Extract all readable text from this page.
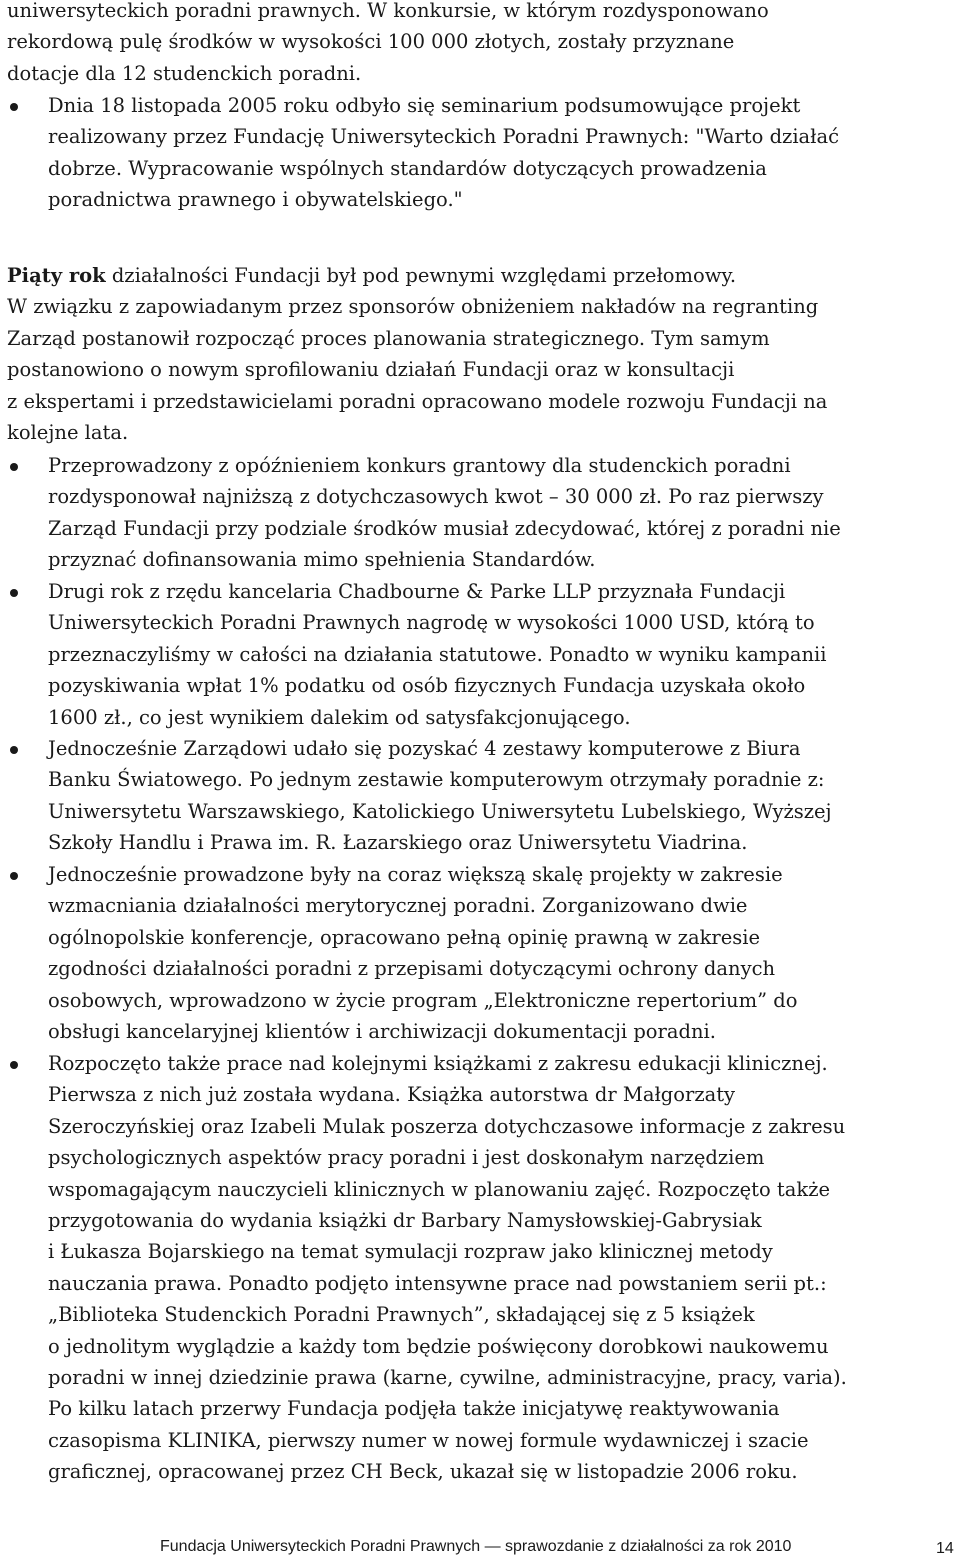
uniwersyteckich poradni prawnych. W konkursie, w którym rozdysponowano
rekordową pulę środków w wysokości 100 000 złotych, zostały przyznane
dotacje dla 12 studenckich poradni.
Dnia 18 listopada 2005 roku odbyło się seminarium podsumowujące projekt
realizowany przez Fundację Uniwersyteckich Poradni Prawnych: "Warto działać
dobrze. Wypracowanie wspólnych standardów dotyczących prowadzenia
poradnictwa prawnego i obywatelskiego."
Piąty rok działalności Fundacji był pod pewnymi względami przełomowy.
W związku z zapowiadanym przez sponsorów obniżeniem nakładów na regranting
Zarząd postanowił rozpocząć proces planowania strategicznego. Tym samym
postanowiono o nowym sprofilowaniu działań Fundacji oraz w konsultacji
z ekspertami i przedstawicielami poradni opracowano modele rozwoju Fundacji na
kolejne lata.
Przeprowadzony z opóźnieniem konkurs grantowy dla studenckich poradni
rozdysponował najniższą z dotychczasowych kwot – 30 000 zł. Po raz pierwszy
Zarząd Fundacji przy podziale środków musiał zdecydować, której z poradni nie
przyznać dofinansowania mimo spełnienia Standardów.
Drugi rok z rzędu kancelaria Chadbourne & Parke LLP przyznała Fundacji
Uniwersyteckich Poradni Prawnych nagrodę w wysokości 1000 USD, którą to
przeznaczyliśmy w całości na działania statutowe. Ponadto w wyniku kampanii
pozyskiwania wpłat 1% podatku od osób fizycznych Fundacja uzyskała około
1600 zł., co jest wynikiem dalekim od satysfakcjonującego.
Jednocześnie Zarządowi udało się pozyskać 4 zestawy komputerowe z Biura
Banku Światowego. Po jednym zestawie komputerowym otrzymały poradnie z:
Uniwersytetu Warszawskiego, Katolickiego Uniwersytetu Lubelskiego, Wyższej
Szkoły Handlu i Prawa im. R. Łazarskiego oraz Uniwersytetu Viadrina.
Jednocześnie prowadzone były na coraz większą skalę projekty w zakresie
wzmacniania działalności merytorycznej poradni. Zorganizowano dwie
ogólnopolskie konferencje, opracowano pełną opinię prawną w zakresie
zgodności działalności poradni z przepisami dotyczącymi ochrony danych
osobowych, wprowadzono w życie program „Elektroniczne repertorium” do
obsługi kancelaryjnej klientów i archiwizacji dokumentacji poradni.
Rozpoczęto także prace nad kolejnymi książkami z zakresu edukacji klinicznej.
Pierwsza z nich już została wydana. Książka autorstwa dr Małgorzaty
Szeroczyńskiej oraz Izabeli Mulak poszerza dotychczasowe informacje z zakresu
psychologicznych aspektów pracy poradni i jest doskonałym narzędziem
wspomagającym nauczycieli klinicznych w planowaniu zajęć. Rozpoczęto także
przygotowania do wydania książki dr Barbary Namysłowskiej-Gabrysiak
i Łukasza Bojarskiego na temat symulacji rozpraw jako klinicznej metody
nauczania prawa. Ponadto podjęto intensywne prace nad powstaniem serii pt.:
„Biblioteka Studenckich Poradni Prawnych”, składającej się z 5 książek
o jednolitym wyglądzie a każdy tom będzie poświęcony dorobkowi naukowemu
poradni w innej dziedzinie prawa (karne, cywilne, administracyjne, pracy, varia).
Po kilku latach przerwy Fundacja podjęła także inicjatywę reaktywowania
czasopisma KLINIKA, pierwszy numer w nowej formule wydawniczej i szacie
graficznej, opracowanej przez CH Beck, ukazał się w listopadzie 2006 roku.
Fundacja Uniwersyteckich Poradni Prawnych — sprawozdanie z działalności za rok 2010	14
